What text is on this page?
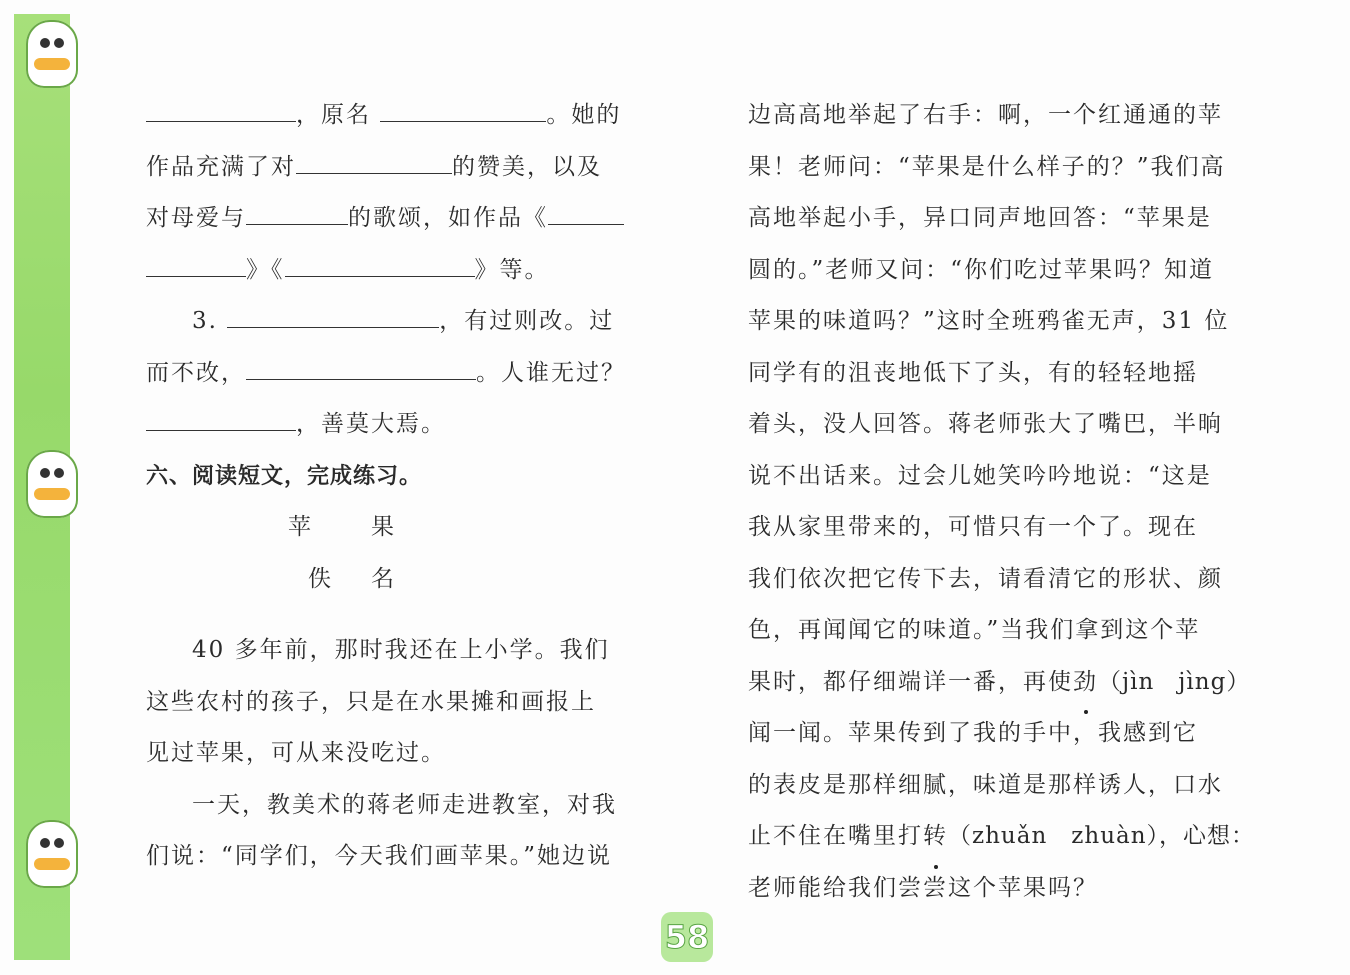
，原名	。她的
作品充满了对	的赞美，以及
对母爱与	的歌颂，如作品《
》《	》等。
3.	，有过则改。过
而不改，	。人谁无过？
，善莫大焉。
六、阅读短文，完成练习。
苹果
佚名
40 多年前，那时我还在上小学。我们
这些农村的孩子，只是在水果摊和画报上
见过苹果，可从来没吃过。
一天，教美术的蒋老师走进教室，对我
们说：“同学们，今天我们画苹果。”她边说
边高高地举起了右手：啊，一个红通通的苹
果！老师问：“苹果是什么样子的？”我们高
高地举起小手，异口同声地回答：“苹果是
圆的。”老师又问：“你们吃过苹果吗？知道
苹果的味道吗？”这时全班鸦雀无声，31 位
同学有的沮丧地低下了头，有的轻轻地摇
着头，没人回答。蒋老师张大了嘴巴，半晌
说不出话来。过会儿她笑吟吟地说：“这是
我从家里带来的，可惜只有一个了。现在
我们依次把它传下去，请看清它的形状、颜
色，再闻闻它的味道。”当我们拿到这个苹
果时，都仔细端详一番，再使劲（jìn　jìng）
闻一闻。苹果传到了我的手中，我感到它
的表皮是那样细腻，味道是那样诱人，口水
止不住在嘴里打转（zhuǎn　zhuàn），心想：
老师能给我们尝尝这个苹果吗？
58
